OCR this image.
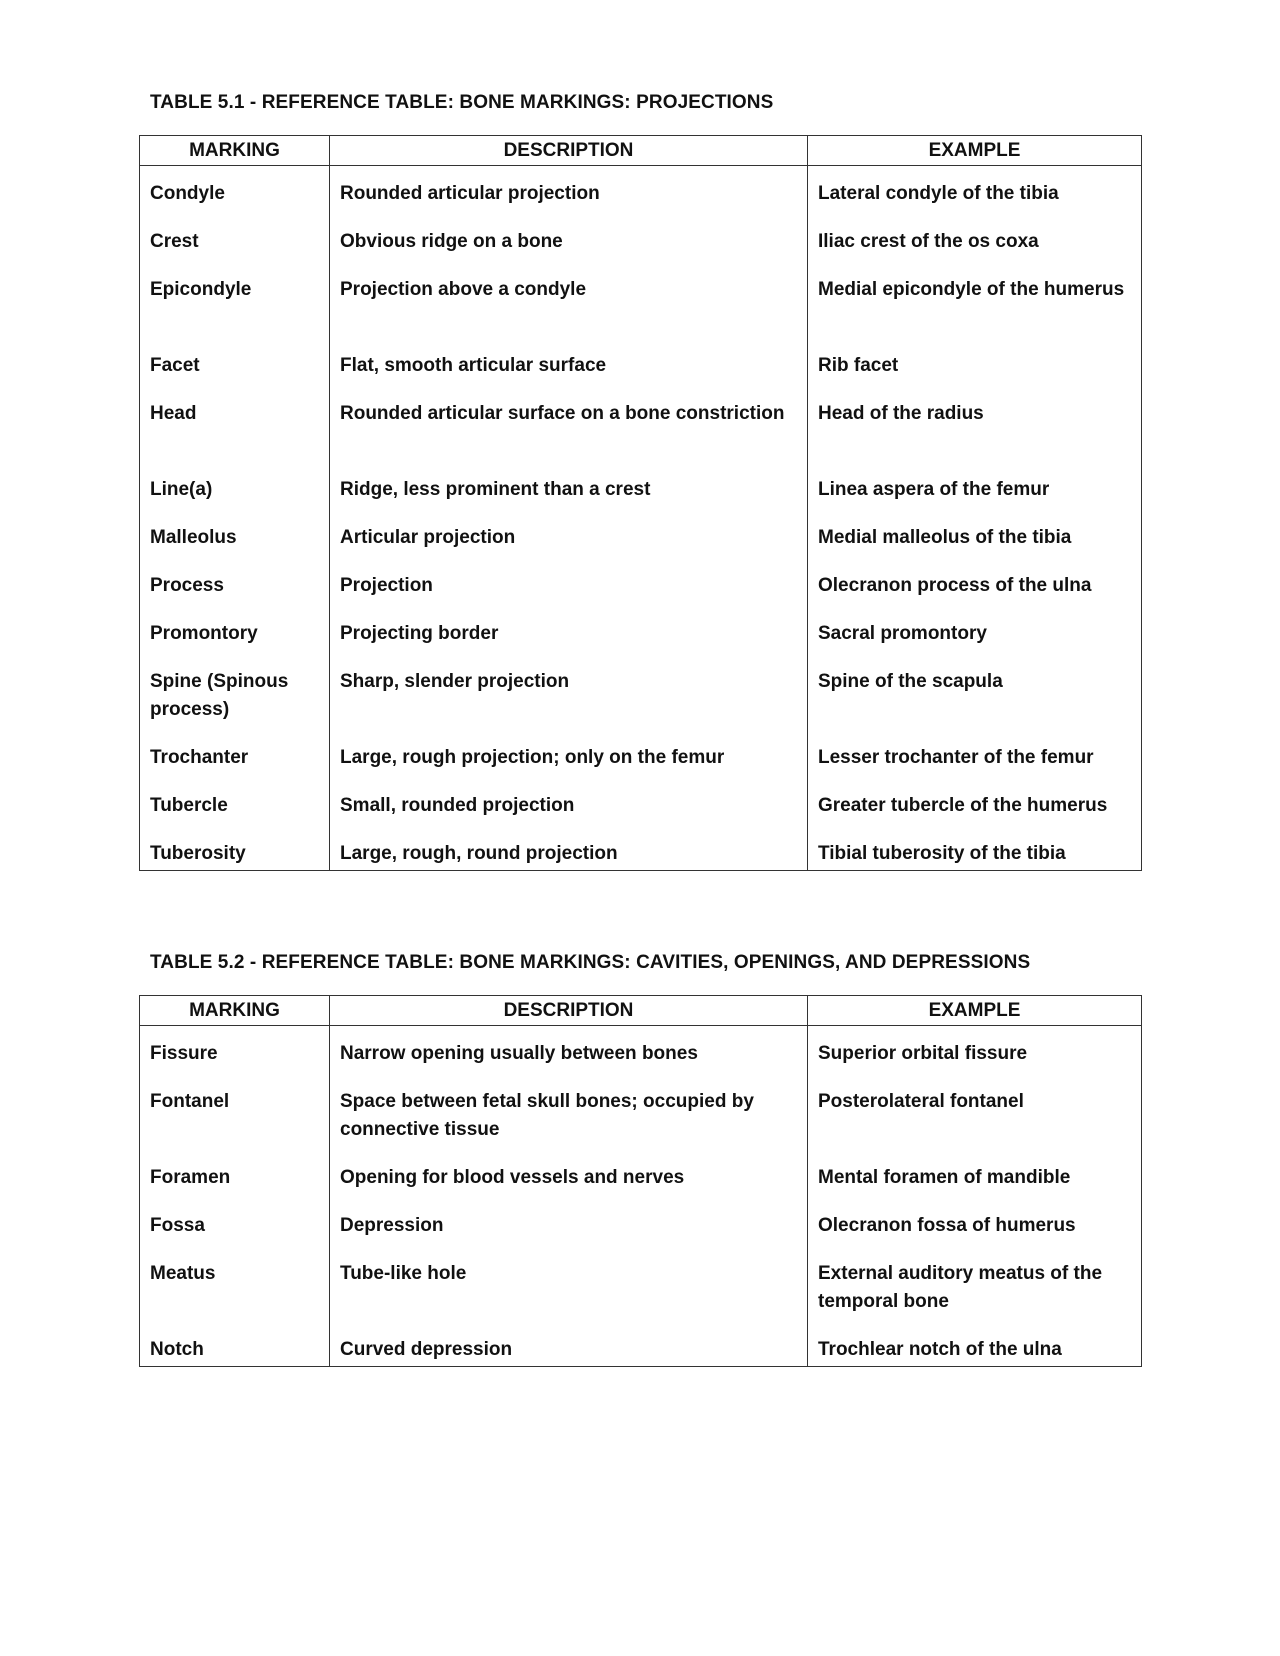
TABLE 5.1 - REFERENCE TABLE: BONE MARKINGS: PROJECTIONS
MARKING	DESCRIPTION	EXAMPLE

Condyle	Rounded articular projection	Lateral condyle of the tibia
Crest	Obvious ridge on a bone	Iliac crest of the os coxa
Epicondyle	Projection above a condyle	Medial epicondyle of the humerus
Facet	Flat, smooth articular surface	Rib facet
Head	Rounded articular surface on a bone constriction	Head of the radius
Line(a)	Ridge, less prominent than a crest	Linea aspera of the femur
Malleolus	Articular projection	Medial malleolus of the tibia
Process	Projection	Olecranon process of the ulna
Promontory	Projecting border	Sacral promontory
Spine (Spinous process)	Sharp, slender projection	Spine of the scapula
Trochanter	Large, rough projection; only on the femur	Lesser trochanter of the femur
Tubercle	Small, rounded projection	Greater tubercle of the humerus
Tuberosity	Large, rough, round projection	Tibial tuberosity of the tibia
TABLE 5.2 - REFERENCE TABLE: BONE MARKINGS: CAVITIES, OPENINGS, AND DEPRESSIONS
MARKING	DESCRIPTION	EXAMPLE

Fissure	Narrow opening usually between bones	Superior orbital fissure
Fontanel	Space between fetal skull bones; occupied by connective tissue	Posterolateral fontanel
Foramen	Opening for blood vessels and nerves	Mental foramen of mandible
Fossa	Depression	Olecranon fossa of humerus
Meatus	Tube-like hole	External auditory meatus of the temporal bone
Notch	Curved depression	Trochlear notch of the ulna
